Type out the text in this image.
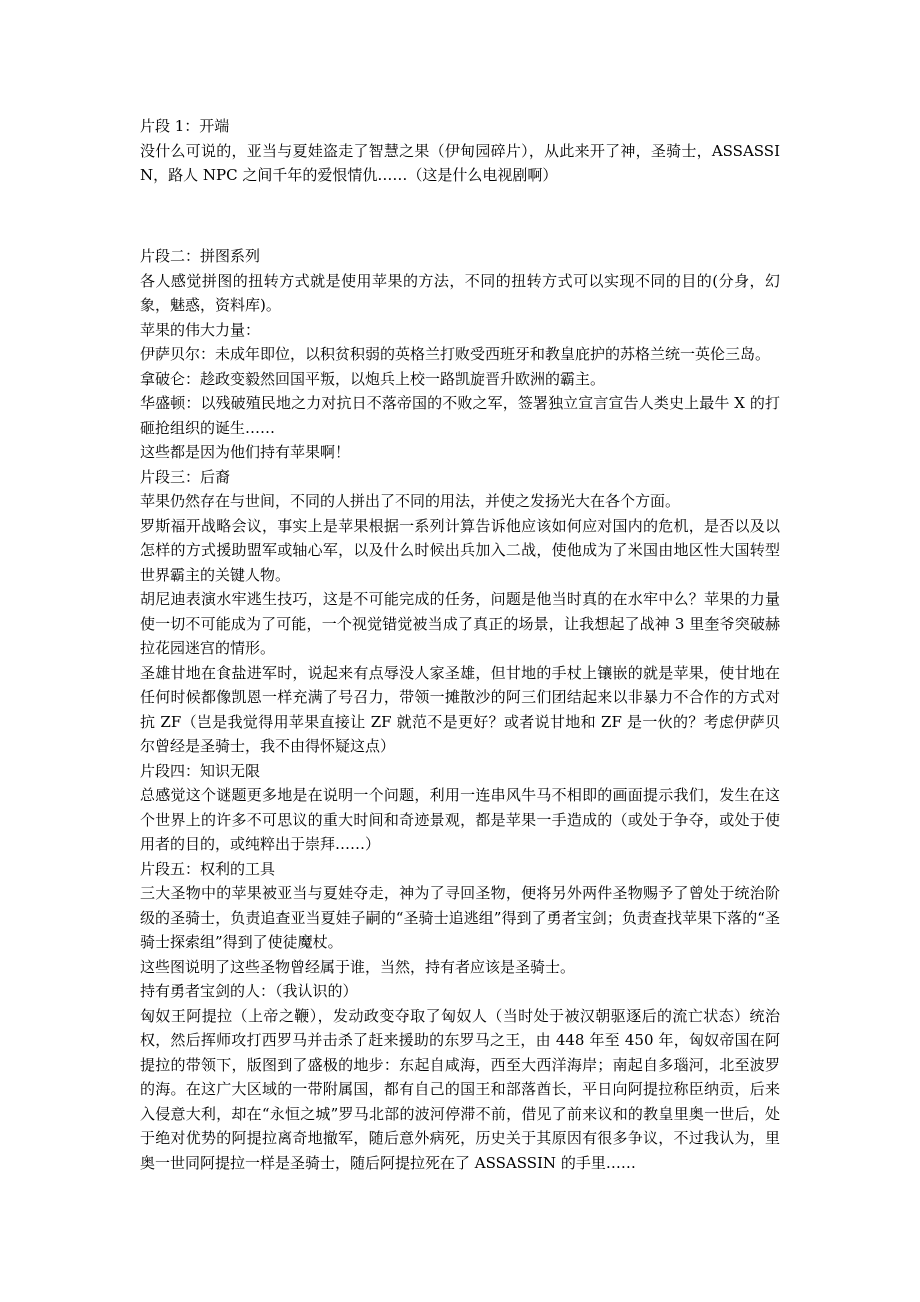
片段 1：开端

没什么可说的，亚当与夏娃盗走了智慧之果（伊甸园碎片），从此来开了神，圣骑士，ASSASSIN，路人 NPC 之间千年的爱恨情仇……（这是什么电视剧啊）

片段二：拼图系列

各人感觉拼图的扭转方式就是使用苹果的方法，不同的扭转方式可以实现不同的目的(分身，幻象，魅惑，资料库)。

苹果的伟大力量：

伊萨贝尔：未成年即位，以积贫积弱的英格兰打败受西班牙和教皇庇护的苏格兰统一英伦三岛。

拿破仑：趁政变毅然回国平叛，以炮兵上校一路凯旋晋升欧洲的霸主。

华盛顿：以残破殖民地之力对抗日不落帝国的不败之军，签署独立宣言宣告人类史上最牛 X 的打砸抢组织的诞生……

这些都是因为他们持有苹果啊！

片段三：后裔

苹果仍然存在与世间，不同的人拼出了不同的用法，并使之发扬光大在各个方面。

罗斯福开战略会议，事实上是苹果根据一系列计算告诉他应该如何应对国内的危机，是否以及以怎样的方式援助盟军或轴心军，以及什么时候出兵加入二战，使他成为了米国由地区性大国转型世界霸主的关键人物。

胡尼迪表演水牢逃生技巧，这是不可能完成的任务，问题是他当时真的在水牢中么？苹果的力量使一切不可能成为了可能，一个视觉错觉被当成了真正的场景，让我想起了战神 3 里奎爷突破赫拉花园迷宫的情形。

圣雄甘地在食盐进军时，说起来有点辱没人家圣雄，但甘地的手杖上镶嵌的就是苹果，使甘地在任何时候都像凯恩一样充满了号召力，带领一摊散沙的阿三们团结起来以非暴力不合作的方式对抗 ZF（岂是我觉得用苹果直接让 ZF 就范不是更好？或者说甘地和 ZF 是一伙的？考虑伊萨贝尔曾经是圣骑士，我不由得怀疑这点）

片段四：知识无限

总感觉这个谜题更多地是在说明一个问题，利用一连串风牛马不相即的画面提示我们，发生在这个世界上的许多不可思议的重大时间和奇迹景观，都是苹果一手造成的（或处于争夺，或处于使用者的目的，或纯粹出于崇拜……）

片段五：权利的工具

三大圣物中的苹果被亚当与夏娃夺走，神为了寻回圣物，便将另外两件圣物赐予了曾处于统治阶级的圣骑士，负责追查亚当夏娃子嗣的“圣骑士追逃组”得到了勇者宝剑；负责查找苹果下落的“圣骑士探索组”得到了使徒魔杖。

这些图说明了这些圣物曾经属于谁，当然，持有者应该是圣骑士。

持有勇者宝剑的人：（我认识的）

匈奴王阿提拉（上帝之鞭），发动政变夺取了匈奴人（当时处于被汉朝驱逐后的流亡状态）统治权，然后挥师攻打西罗马并击杀了赶来援助的东罗马之王，由 448 年至 450 年，匈奴帝国在阿提拉的带领下，版图到了盛极的地步：东起自咸海，西至大西洋海岸；南起自多瑙河，北至波罗的海。在这广大区域的一带附属国，都有自己的国王和部落酋长，平日向阿提拉称臣纳贡，后来入侵意大利，却在“永恒之城”罗马北部的波河停滞不前，借见了前来议和的教皇里奥一世后，处于绝对优势的阿提拉离奇地撤军，随后意外病死，历史关于其原因有很多争议，不过我认为，里奥一世同阿提拉一样是圣骑士，随后阿提拉死在了 ASSASSIN 的手里……
